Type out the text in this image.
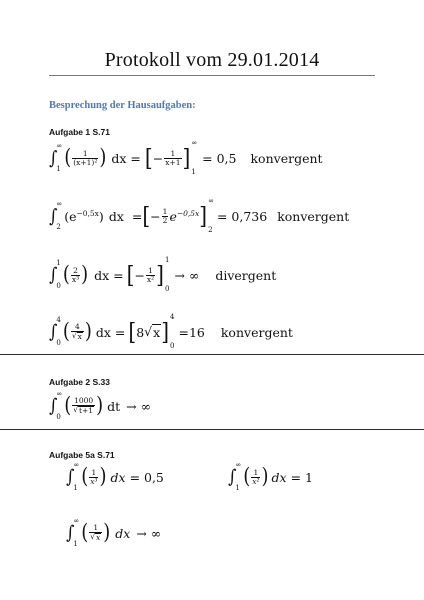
Protokoll vom 29.01.2014
Besprechung der Hausaufgaben:
Aufgabe 1 S.71
∫
∞
1 ( $\frac{1}{\text{(x+1)²}}$ ) dx = [ − $\frac{1}{x+1}$ ]
∞
1
= 0,5 konvergent
∫
∞
2
(e −0,5x ) dx = [ − $\frac{1}{2}$ e −0,5x ]
∞
2
= 0,736 konvergent
∫
1
0 ( $\frac{2}{\text{x³}}$ ) dx = [ − $\frac{1}{\text{x²}}$ ]
1
0
→ ∞ divergent
∫
4
0 ( $\frac{4}{√ x}$ ) dx = [ 8 √ x ]
4
0
=16 konvergent
Aufgabe 2 S.33
∫
∞
0 ( $\frac{1000}{√ t+1}$ ) dt → ∞
Aufgabe 5a S.71
∫
∞
1 ( $\frac{1}{\text{x³}}$ ) dx = 0,5	∫
∞
1 ( $\frac{1}{\text{x²}}$ ) dx = 1
∫
∞
1 ( $\frac{1}{√ x}$ ) dx → ∞
